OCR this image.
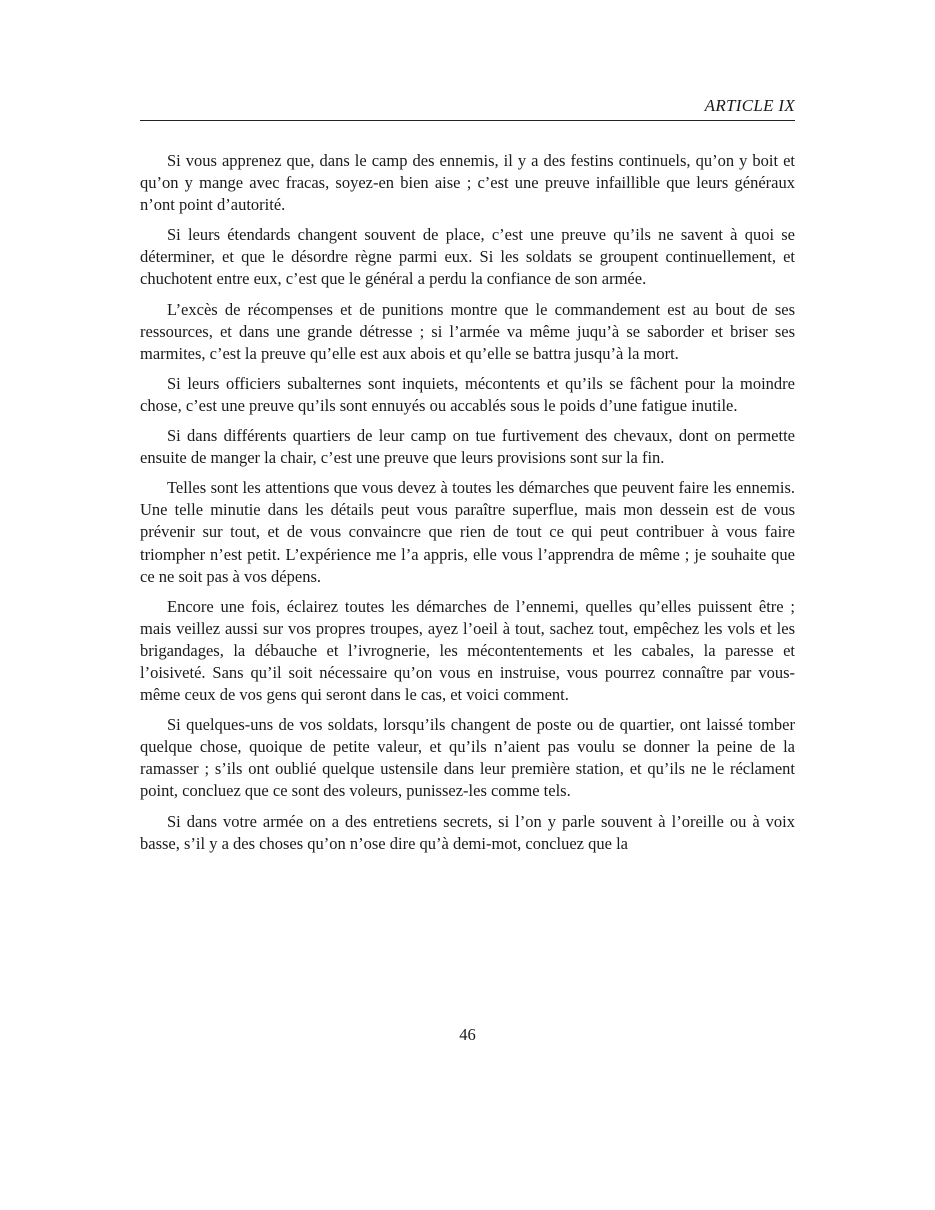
ARTICLE IX

Si vous apprenez que, dans le camp des ennemis, il y a des festins continuels, qu’on y boit et qu’on y mange avec fracas, soyez-en bien aise ; c’est une preuve infaillible que leurs généraux n’ont point d’autorité.

Si leurs étendards changent souvent de place, c’est une preuve qu’ils ne savent à quoi se déterminer, et que le désordre règne parmi eux. Si les soldats se groupent continuellement, et chuchotent entre eux, c’est que le général a perdu la confiance de son armée.

L’excès de récompenses et de punitions montre que le commandement est au bout de ses ressources, et dans une grande détresse ; si l’armée va même juqu’à se saborder et briser ses marmites, c’est la preuve qu’elle est aux abois et qu’elle se battra jusqu’à la mort.

Si leurs officiers subalternes sont inquiets, mécontents et qu’ils se fâchent pour la moindre chose, c’est une preuve qu’ils sont ennuyés ou accablés sous le poids d’une fatigue inutile.

Si dans différents quartiers de leur camp on tue furtivement des chevaux, dont on permette ensuite de manger la chair, c’est une preuve que leurs provisions sont sur la fin.

Telles sont les attentions que vous devez à toutes les démarches que peuvent faire les ennemis. Une telle minutie dans les détails peut vous paraître superflue, mais mon dessein est de vous prévenir sur tout, et de vous convaincre que rien de tout ce qui peut contribuer à vous faire triompher n’est petit. L’expérience me l’a appris, elle vous l’apprendra de même ; je souhaite que ce ne soit pas à vos dépens.

Encore une fois, éclairez toutes les démarches de l’ennemi, quelles qu’elles puissent être ; mais veillez aussi sur vos propres troupes, ayez l’oeil à tout, sachez tout, empêchez les vols et les brigandages, la débauche et l’ivrognerie, les mécontentements et les cabales, la paresse et l’oisiveté. Sans qu’il soit nécessaire qu’on vous en instruise, vous pourrez connaître par vous-même ceux de vos gens qui seront dans le cas, et voici comment.

Si quelques-uns de vos soldats, lorsqu’ils changent de poste ou de quartier, ont laissé tomber quelque chose, quoique de petite valeur, et qu’ils n’aient pas voulu se donner la peine de la ramasser ; s’ils ont oublié quelque ustensile dans leur première station, et qu’ils ne le réclament point, concluez que ce sont des voleurs, punissez-les comme tels.

Si dans votre armée on a des entretiens secrets, si l’on y parle souvent à l’oreille ou à voix basse, s’il y a des choses qu’on n’ose dire qu’à demi-mot, concluez que la

46
